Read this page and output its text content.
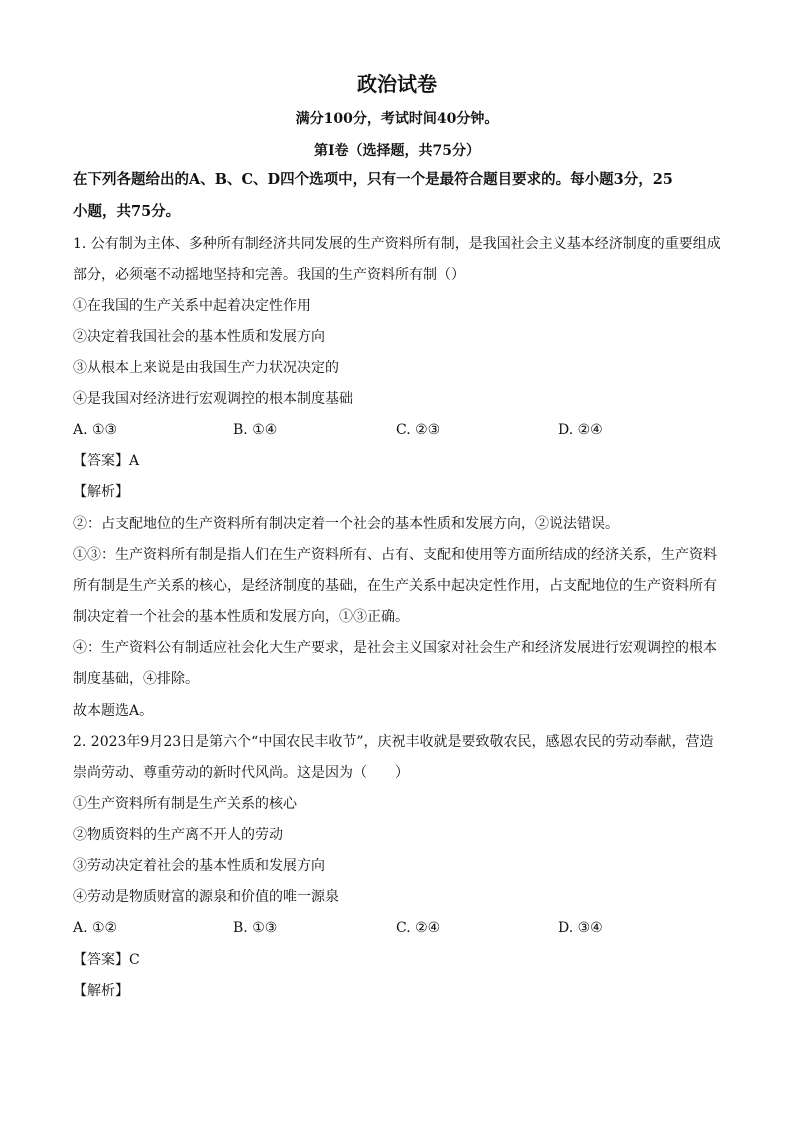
政治试卷
满分100分，考试时间40分钟。
第I卷（选择题，共75分）
在下列各题给出的A、B、C、D四个选项中，只有一个是最符合题目要求的。每小题3分，25
小题，共75分。
1. 公有制为主体、多种所有制经济共同发展的生产资料所有制，是我国社会主义基本经济制度的重要组成
部分，必须毫不动摇地坚持和完善。我国的生产资料所有制（）
①在我国的生产关系中起着决定性作用
②决定着我国社会的基本性质和发展方向
③从根本上来说是由我国生产力状况决定的
④是我国对经济进行宏观调控的根本制度基础
A. ①③	B. ①④	C. ②③	D. ②④
【答案】A
【解析】
②：占支配地位的生产资料所有制决定着一个社会的基本性质和发展方向，②说法错误。
①③：生产资料所有制是指人们在生产资料所有、占有、支配和使用等方面所结成的经济关系，生产资料
所有制是生产关系的核心，是经济制度的基础，在生产关系中起决定性作用，占支配地位的生产资料所有
制决定着一个社会的基本性质和发展方向，①③正确。
④：生产资料公有制适应社会化大生产要求，是社会主义国家对社会生产和经济发展进行宏观调控的根本
制度基础，④排除。
故本题选A。
2. 2023年9月23日是第六个“中国农民丰收节”，庆祝丰收就是要致敬农民，感恩农民的劳动奉献，营造
崇尚劳动、尊重劳动的新时代风尚。这是因为（　　）
①生产资料所有制是生产关系的核心
②物质资料的生产离不开人的劳动
③劳动决定着社会的基本性质和发展方向
④劳动是物质财富的源泉和价值的唯一源泉
A. ①②	B. ①③	C. ②④	D. ③④
【答案】C
【解析】
